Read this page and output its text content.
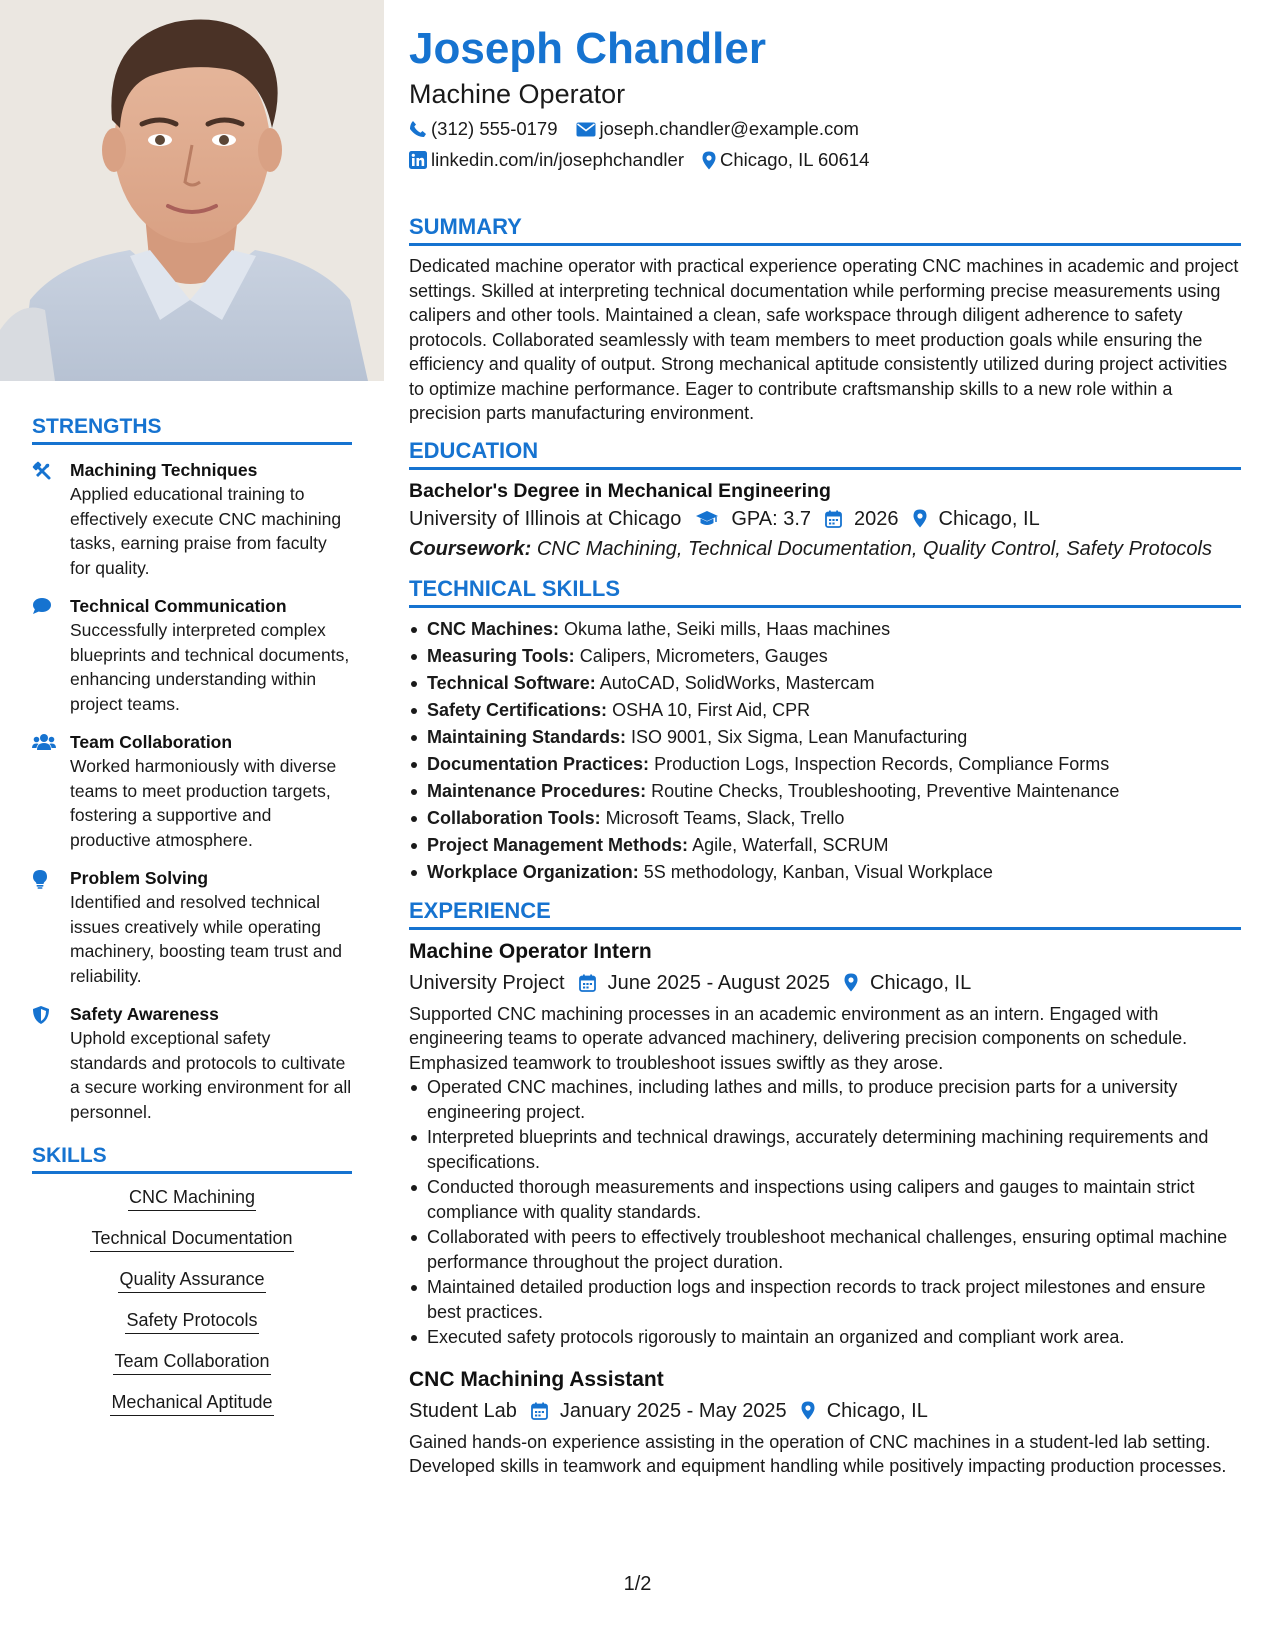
STRENGTHS
Machining Techniques
Applied educational training to effectively execute CNC machining tasks, earning praise from faculty for quality.
Technical Communication
Successfully interpreted complex blueprints and technical documents, enhancing understanding within project teams.
Team Collaboration
Worked harmoniously with diverse teams to meet production targets, fostering a supportive and productive atmosphere.
Problem Solving
Identified and resolved technical issues creatively while operating machinery, boosting team trust and reliability.
Safety Awareness
Uphold exceptional safety standards and protocols to cultivate a secure working environment for all personnel.
SKILLS
CNC Machining
Technical Documentation
Quality Assurance
Safety Protocols
Team Collaboration
Mechanical Aptitude
Joseph Chandler
Machine Operator
(312) 555-0179 joseph.chandler@example.com
linkedin.com/in/josephchandler Chicago, IL 60614
SUMMARY
Dedicated machine operator with practical experience operating CNC machines in academic and project settings. Skilled at interpreting technical documentation while performing precise measurements using calipers and other tools. Maintained a clean, safe workspace through diligent adherence to safety protocols. Collaborated seamlessly with team members to meet production goals while ensuring the efficiency and quality of output. Strong mechanical aptitude consistently utilized during project activities to optimize machine performance. Eager to contribute craftsmanship skills to a new role within a precision parts manufacturing environment.
EDUCATION
Bachelor's Degree in Mechanical Engineering
University of Illinois at Chicago	GPA: 3.7 2026 Chicago, IL
Coursework: CNC Machining, Technical Documentation, Quality Control, Safety Protocols
TECHNICAL SKILLS
CNC Machines: Okuma lathe, Seiki mills, Haas machines
Measuring Tools: Calipers, Micrometers, Gauges
Technical Software: AutoCAD, SolidWorks, Mastercam
Safety Certifications: OSHA 10, First Aid, CPR
Maintaining Standards: ISO 9001, Six Sigma, Lean Manufacturing
Documentation Practices: Production Logs, Inspection Records, Compliance Forms
Maintenance Procedures: Routine Checks, Troubleshooting, Preventive Maintenance
Collaboration Tools: Microsoft Teams, Slack, Trello
Project Management Methods: Agile, Waterfall, SCRUM
Workplace Organization: 5S methodology, Kanban, Visual Workplace
EXPERIENCE
Machine Operator Intern
University Project June 2025 - August 2025 Chicago, IL
Supported CNC machining processes in an academic environment as an intern. Engaged with engineering teams to operate advanced machinery, delivering precision components on schedule. Emphasized teamwork to troubleshoot issues swiftly as they arose.
Operated CNC machines, including lathes and mills, to produce precision parts for a university engineering project.
Interpreted blueprints and technical drawings, accurately determining machining requirements and specifications.
Conducted thorough measurements and inspections using calipers and gauges to maintain strict compliance with quality standards.
Collaborated with peers to effectively troubleshoot mechanical challenges, ensuring optimal machine performance throughout the project duration.
Maintained detailed production logs and inspection records to track project milestones and ensure best practices.
Executed safety protocols rigorously to maintain an organized and compliant work area.
CNC Machining Assistant
Student Lab January 2025 - May 2025 Chicago, IL
Gained hands-on experience assisting in the operation of CNC machines in a student-led lab setting. Developed skills in teamwork and equipment handling while positively impacting production processes.
1/2
